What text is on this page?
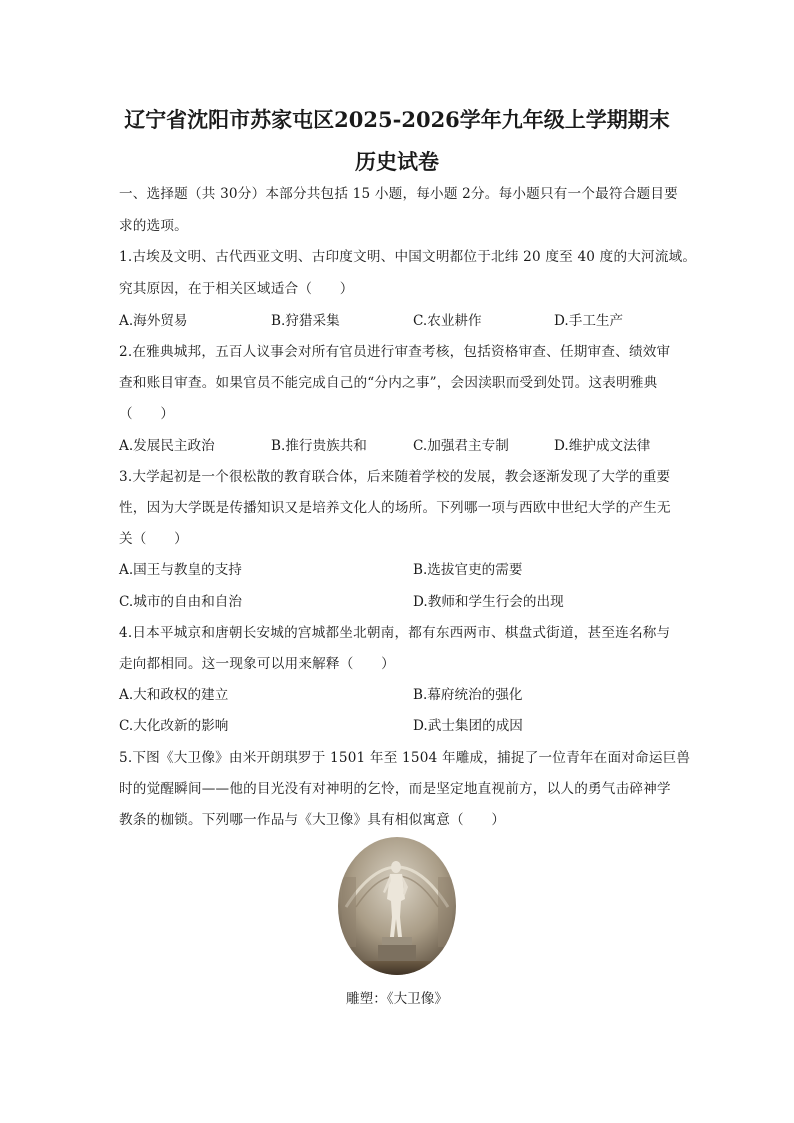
辽宁省沈阳市苏家屯区2025-2026学年九年级上学期期末
历史试卷
一、选择题（共 30分）本部分共包括 15 小题，每小题 2分。每小题只有一个最符合题目要
求的选项。
1.古埃及文明、古代西亚文明、古印度文明、中国文明都位于北纬 20 度至 40 度的大河流域。
究其原因，在于相关区域适合（　　）
A.海外贸易	B.狩猎采集	C.农业耕作	D.手工生产
2.在雅典城邦，五百人议事会对所有官员进行审查考核，包括资格审查、任期审查、绩效审
查和账目审查。如果官员不能完成自己的“分内之事”，会因渎职而受到处罚。这表明雅典
（　　）
A.发展民主政治	B.推行贵族共和	C.加强君主专制	D.维护成文法律
3.大学起初是一个很松散的教育联合体，后来随着学校的发展，教会逐渐发现了大学的重要
性，因为大学既是传播知识又是培养文化人的场所。下列哪一项与西欧中世纪大学的产生无
关（　　）
A.国王与教皇的支持	B.选拔官吏的需要
C.城市的自由和自治	D.教师和学生行会的出现
4.日本平城京和唐朝长安城的宫城都坐北朝南，都有东西两市、棋盘式街道，甚至连名称与
走向都相同。这一现象可以用来解释（　　）
A.大和政权的建立	B.幕府统治的强化
C.大化改新的影响	D.武士集团的成因
5.下图《大卫像》由米开朗琪罗于 1501 年至 1504 年雕成，捕捉了一位青年在面对命运巨兽
时的觉醒瞬间——他的目光没有对神明的乞怜，而是坚定地直视前方，以人的勇气击碎神学
教条的枷锁。下列哪一作品与《大卫像》具有相似寓意（　　）
雕塑：《大卫像》
